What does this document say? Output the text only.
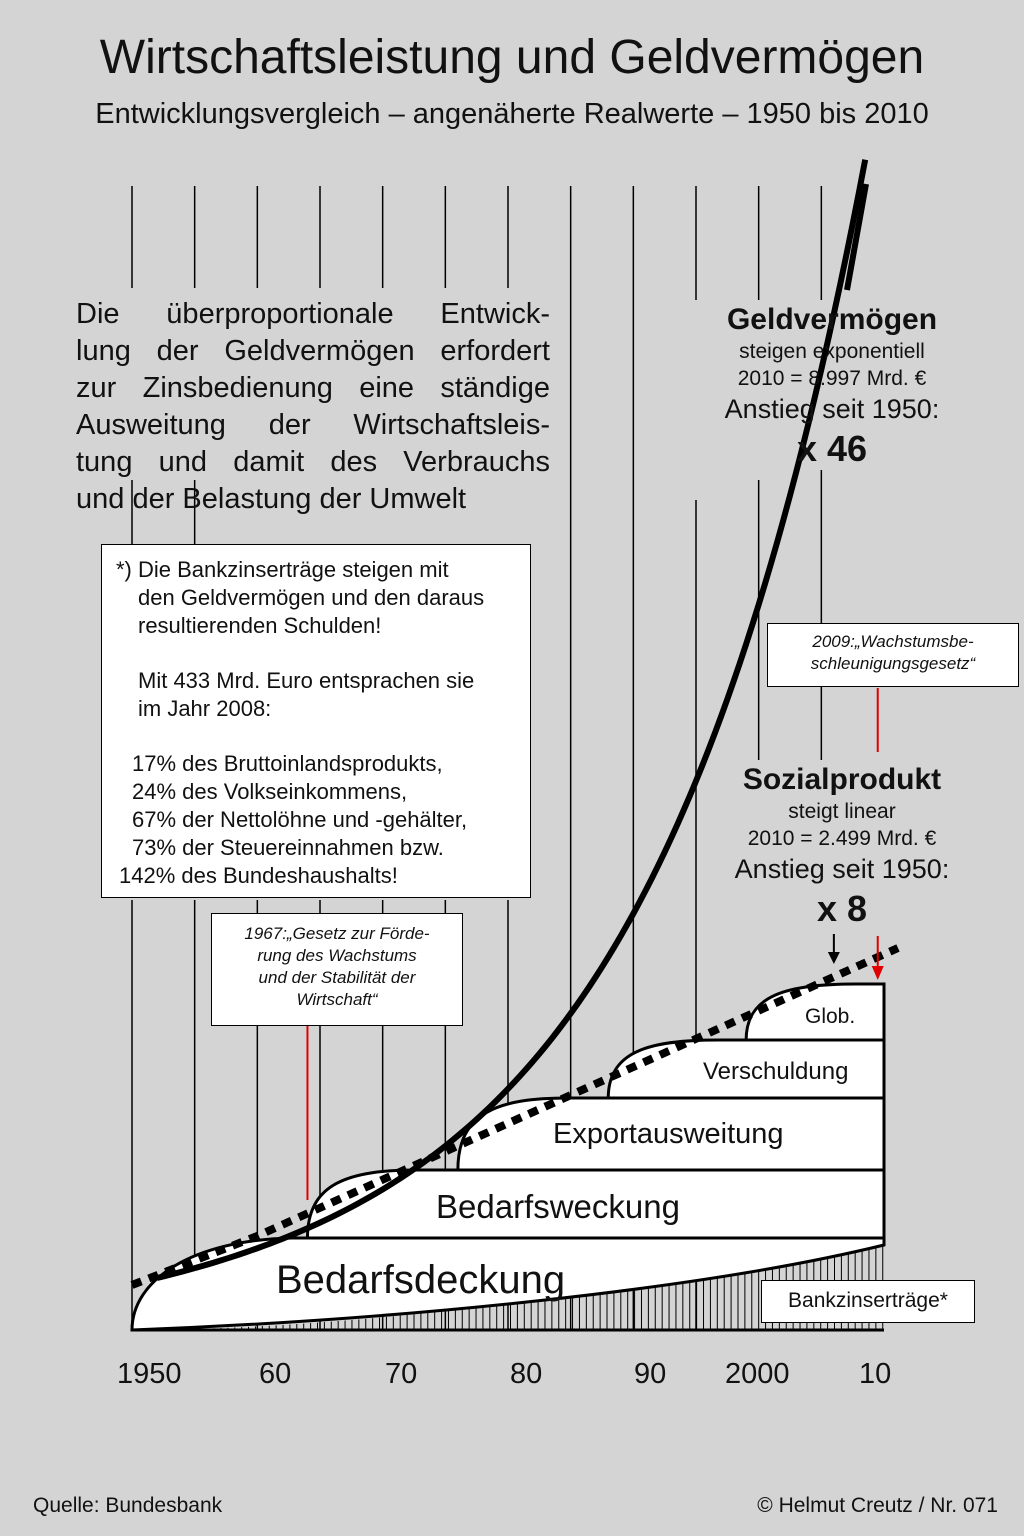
Wirtschaftsleistung und Geldvermögen
Entwicklungsvergleich – angenäherte Realwerte – 1950 bis 2010
Die überproportionale Entwick-
lung der Geldvermögen erfordert
zur Zinsbedienung eine ständige
Ausweitung der Wirtschaftsleis-
tung und damit des Verbrauchs
und der Belastung der Umwelt
Geldvermögen
steigen exponentiell
2010 = 8.997 Mrd. €
Anstieg seit 1950:
x 46
Sozialprodukt
steigt linear
2010 = 2.499 Mrd. €
Anstieg seit 1950:
x 8
*) Die Bankzinserträge steigen mit
den Geldvermögen und den daraus
resultierenden Schulden!
Mit 433 Mrd. Euro entsprachen sie
im Jahr 2008:
17% des Bruttoinlandsprodukts,
24% des Volkseinkommens,
67% der Nettolöhne und -gehälter,
73% der Steuereinnahmen bzw.
142% des Bundeshaushalts!
1967:„Gesetz zur Förde-
rung des Wachstums
und der Stabilität der
Wirtschaft“
2009:„Wachstumsbe-
schleunigungsgesetz“
Bedarfsdeckung
Bedarfsweckung
Exportausweitung
Verschuldung
Glob.
Bankzinserträge*
1950	60	70	80	90 2000 10
Quelle: Bundesbank	© Helmut Creutz / Nr. 071
